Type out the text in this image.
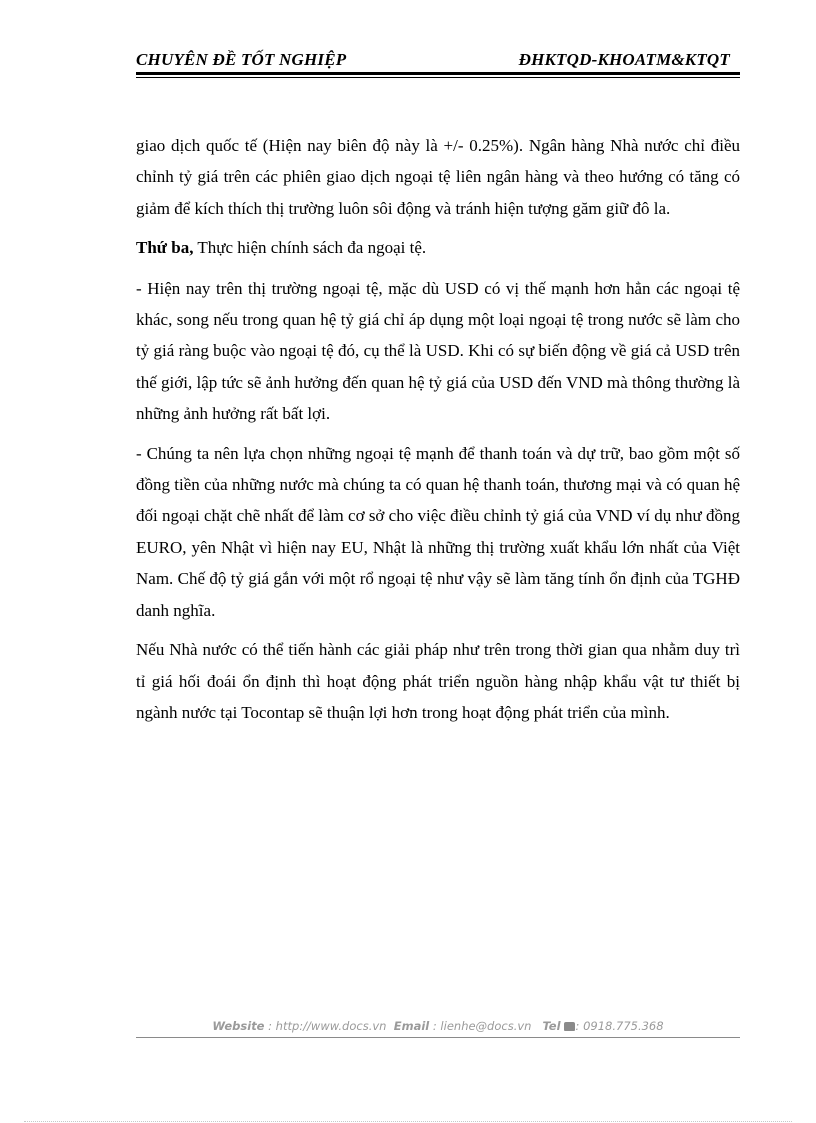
CHUYÊN ĐỀ TỐT NGHIỆP	ĐHKTQD-KHOATM&KTQT

giao dịch quốc tế (Hiện nay biên độ này là +/- 0.25%). Ngân hàng Nhà nước chỉ điều chỉnh tỷ giá trên các phiên giao dịch ngoại tệ liên ngân hàng và theo hướng có tăng có giảm để kích thích thị trường luôn sôi động và tránh hiện tượng găm giữ đô la.

Thứ ba, Thực hiện chính sách đa ngoại tệ.

- Hiện nay trên thị trường ngoại tệ, mặc dù USD có vị thế mạnh hơn hẳn các ngoại tệ khác, song nếu trong quan hệ tỷ giá chỉ áp dụng một loại ngoại tệ trong nước sẽ làm cho tỷ giá ràng buộc vào ngoại tệ đó, cụ thể là USD. Khi có sự biến động về giá cả USD trên thế giới, lập tức sẽ ảnh hưởng đến quan hệ tỷ giá của USD đến VND mà thông thường là những ảnh hưởng rất bất lợi.

- Chúng ta nên lựa chọn những ngoại tệ mạnh để thanh toán và dự trữ, bao gồm một số đồng tiền của những nước mà chúng ta có quan hệ thanh toán, thương mại và có quan hệ đối ngoại chặt chẽ nhất để làm cơ sở cho việc điều chỉnh tỷ giá của VND ví dụ như đồng EURO, yên Nhật vì hiện nay EU, Nhật là những thị trường xuất khẩu lớn nhất của Việt Nam. Chế độ tỷ giá gắn với một rổ ngoại tệ như vậy sẽ làm tăng tính ổn định của TGHĐ danh nghĩa.

Nếu Nhà nước có thể tiến hành các giải pháp như trên trong thời gian qua nhằm duy trì tỉ giá hối đoái ổn định thì hoạt động phát triển nguồn hàng nhập khẩu vật tư thiết bị ngành nước tại Tocontap sẽ thuận lợi hơn trong hoạt động phát triển của mình.

Website : http://www.docs.vn Email : lienhe@docs.vn Tel : 0918.775.368
